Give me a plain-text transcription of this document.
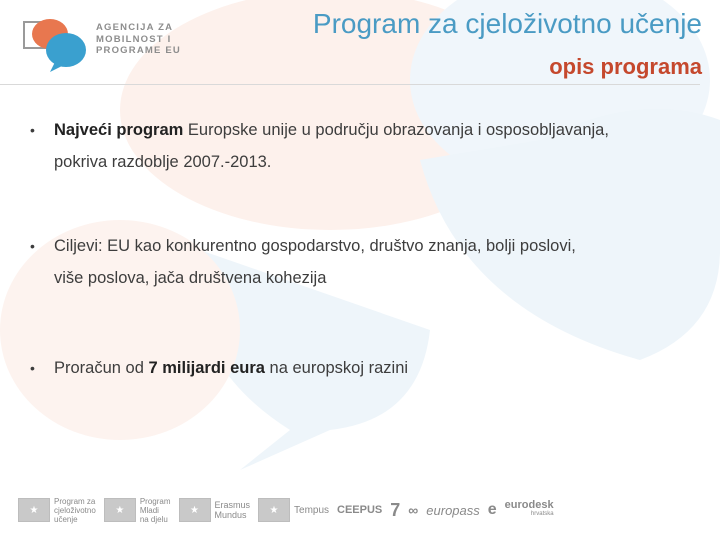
AGENCIJA ZA
MOBILNOST I
PROGRAME EU
Program za cjeloživotno učenje
opis programa
• Najveći program Europske unije u području obrazovanja i osposobljavanja,

pokriva razdoblje 2007.-2013.

• Ciljevi: EU kao konkurentno gospodarstvo, društvo znanja, bolji poslovi,

više poslova, jača društvena kohezija

• Proračun od 7 milijardi eura na europskoj razini

★
Program za
cjeloživotno
učenje
★
Program
Mladi
na djelu
★	Erasmus
Mundus	★	Tempus CEEPUS 7 ∞ europass e eurodesk
hrvatska
